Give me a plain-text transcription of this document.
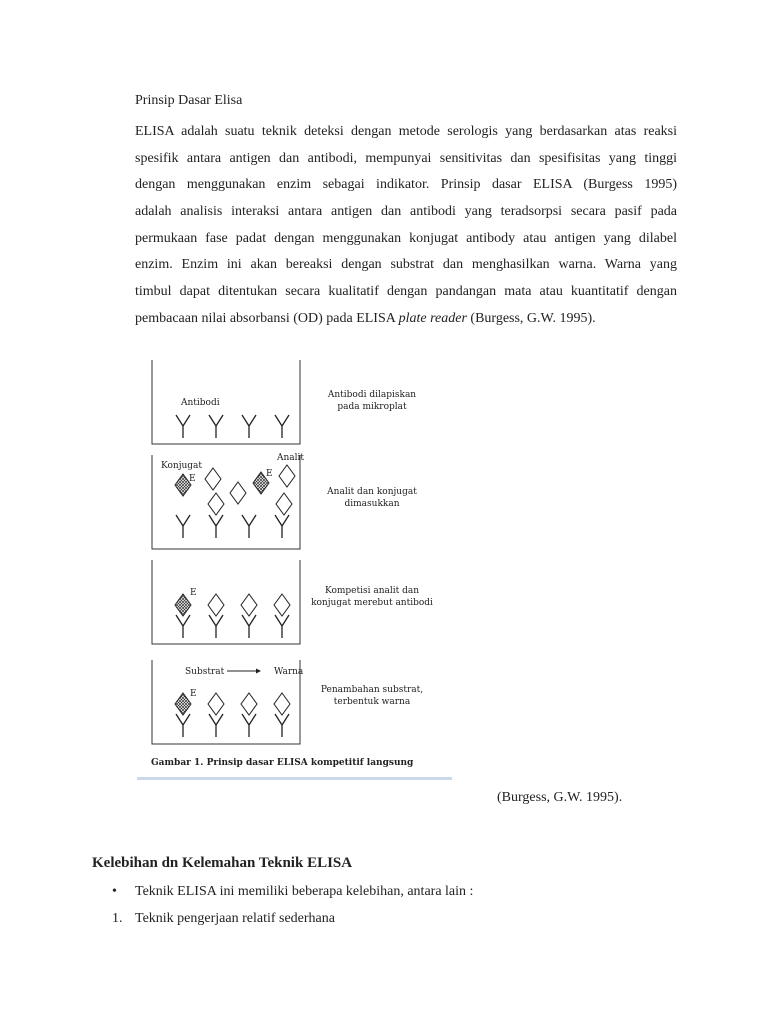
Prinsip Dasar Elisa
ELISA adalah suatu teknik deteksi dengan metode serologis yang berdasarkan atas reaksi
spesifik antara antigen dan antibodi, mempunyai sensitivitas dan spesifisitas yang tinggi
dengan menggunakan enzim sebagai indikator. Prinsip dasar ELISA (Burgess 1995)
adalah analisis interaksi antara antigen dan antibodi yang teradsorpsi secara pasif pada
permukaan fase padat dengan menggunakan konjugat antibody atau antigen yang dilabel
enzim. Enzim ini akan bereaksi dengan substrat dan menghasilkan warna. Warna yang
timbul dapat ditentukan secara kualitatif dengan pandangan mata atau kuantitatif dengan
pembacaan nilai absorbansi (OD) pada ELISA plate reader (Burgess, G.W. 1995).
Antibodi
Antibodi dilapiskan
pada mikroplat
Konjugat
Analit
E	E
Analit dan konjugat
dimasukkan
E	Kompetisi analit dan
konjugat merebut antibodi
Substrat	Warna
E	Penambahan substrat,
terbentuk warna
Gambar 1. Prinsip dasar ELISA kompetitif langsung
(Burgess, G.W. 1995).
Kelebihan dn Kelemahan Teknik ELISA
• Teknik ELISA ini memiliki beberapa kelebihan, antara lain :
1. Teknik pengerjaan relatif sederhana
